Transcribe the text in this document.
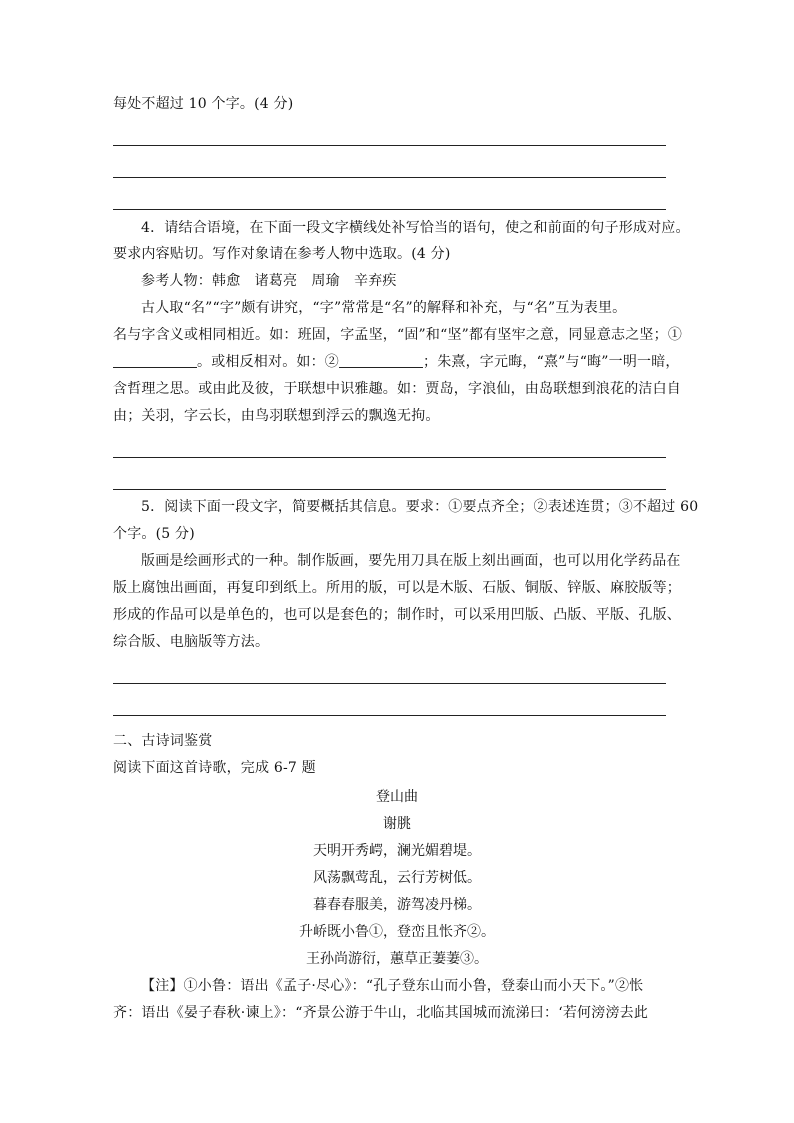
每处不超过 10 个字。(4 分)
4．请结合语境，在下面一段文字横线处补写恰当的语句，使之和前面的句子形成对应。
要求内容贴切。写作对象请在参考人物中选取。(4 分)
参考人物：韩愈　诸葛亮　周瑜　辛弃疾
古人取“名”“字”颇有讲究，“字”常常是“名”的解释和补充，与“名”互为表里。
名与字含义或相同相近。如：班固，字孟坚，“固”和“坚”都有坚牢之意，同显意志之坚；①
。或相反相对。如：②	；朱熹，字元晦，“熹”与“晦”一明一暗，
含哲理之思。或由此及彼，于联想中识雅趣。如：贾岛，字浪仙，由岛联想到浪花的洁白自
由；关羽，字云长，由鸟羽联想到浮云的飘逸无拘。
5．阅读下面一段文字，简要概括其信息。要求：①要点齐全；②表述连贯；③不超过 60
个字。(5 分)
版画是绘画形式的一种。制作版画，要先用刀具在版上刻出画面，也可以用化学药品在
版上腐蚀出画面，再复印到纸上。所用的版，可以是木版、石版、铜版、锌版、麻胶版等；
形成的作品可以是单色的，也可以是套色的；制作时，可以采用凹版、凸版、平版、孔版、
综合版、电脑版等方法。
二、古诗词鉴赏
阅读下面这首诗歌，完成 6-7 题
登山曲
谢朓
天明开秀崿，澜光媚碧堤。
风荡飘莺乱，云行芳树低。
暮春春服美，游驾凌丹梯。
升峤既小鲁①，登峦且怅齐②。
王孙尚游衍，蕙草正萋萋③。
【注】①小鲁：语出《孟子·尽心》：“孔子登东山而小鲁，登泰山而小天下。”②怅
齐：语出《晏子春秋·谏上》：“齐景公游于牛山，北临其国城而流涕曰：‘若何滂滂去此
